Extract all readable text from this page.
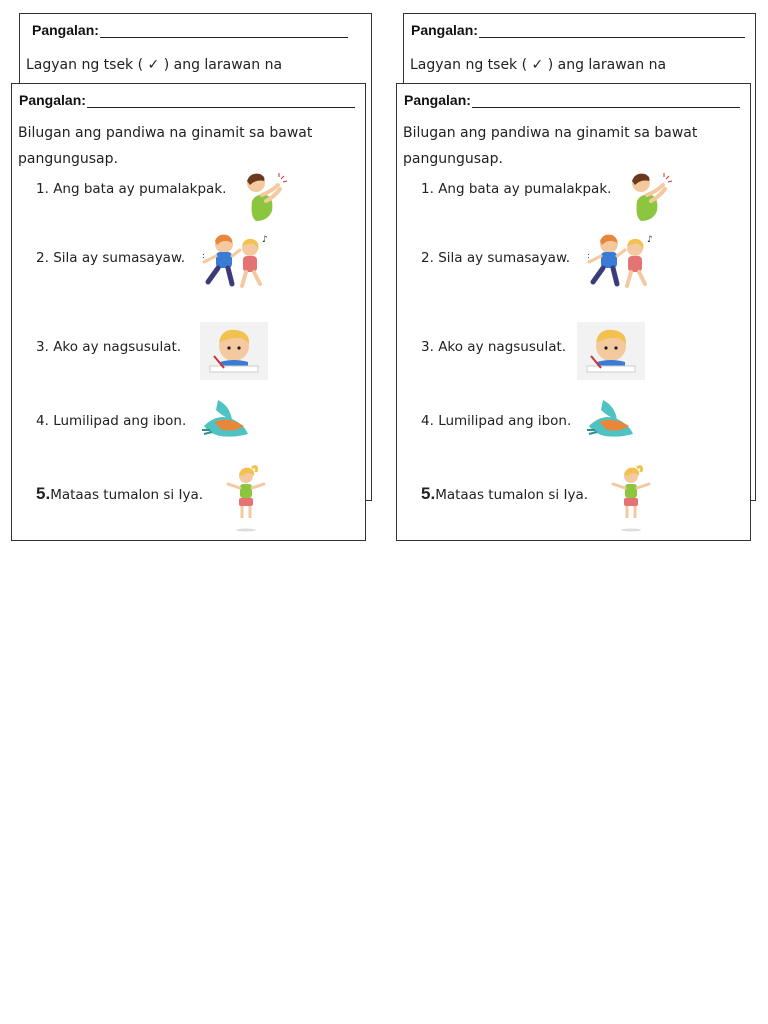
Pangalan:
Lagyan ng tsek ( ✓ ) ang larawan na
Pangalan:
Bilugan ang pandiwa na ginamit sa bawat
pangungusap.
1. Ang bata ay pumalakpak.
2. Sila ay sumasayaw.
3. Ako ay nagsusulat.
4. Lumilipad ang ibon.
5.Mataas tumalon si Iya.
♪
:
Pangalan:
Lagyan ng tsek ( ✓ ) ang larawan na
Pangalan:
Bilugan ang pandiwa na ginamit sa bawat
pangungusap.
1. Ang bata ay pumalakpak.
2. Sila ay sumasayaw.
3. Ako ay nagsusulat.
4. Lumilipad ang ibon.
5.Mataas tumalon si Iya.
♪
:
